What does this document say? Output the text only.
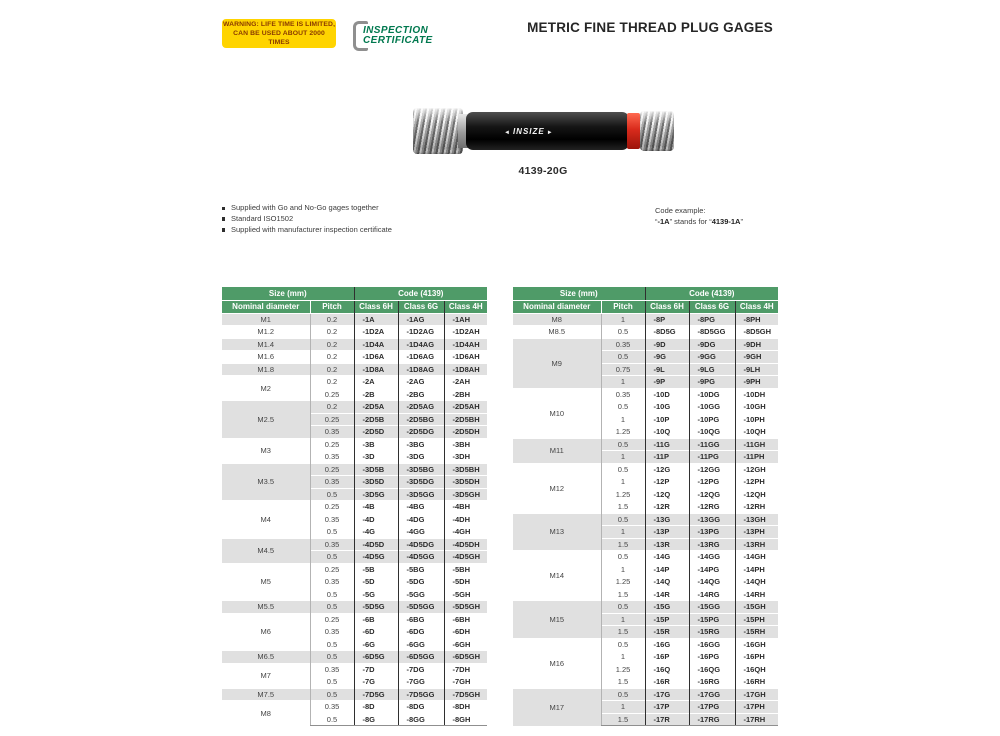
WARNING: LIFE TIME IS LIMITED,
CAN BE USED ABOUT 2000 TIMES
INSPECTION
CERTIFICATE
METRIC FINE THREAD PLUG GAGES
◄ INSIZE ►
4139-20G
Supplied with Go and No-Go gages together
Standard ISO1502
Supplied with manufacturer inspection certificate
Code example:
“-1A” stands for “4139-1A”
Size (mm)		Code (4139)		
Nominal diameter	Pitch	Class 6H	Class 6G	Class 4H
M1	0.2	-1A	-1AG	-1AH
M1.2	0.2	-1D2A	-1D2AG	-1D2AH
M1.4	0.2	-1D4A	-1D4AG	-1D4AH
M1.6	0.2	-1D6A	-1D6AG	-1D6AH
M1.8	0.2	-1D8A	-1D8AG	-1D8AH
M2	0.2	-2A	-2AG	-2AH
	0.25	-2B	-2BG	-2BH
M2.5	0.2	-2D5A	-2D5AG	-2D5AH
	0.25	-2D5B	-2D5BG	-2D5BH
	0.35	-2D5D	-2D5DG	-2D5DH
M3	0.25	-3B	-3BG	-3BH
	0.35	-3D	-3DG	-3DH
M3.5	0.25	-3D5B	-3D5BG	-3D5BH
	0.35	-3D5D	-3D5DG	-3D5DH
	0.5	-3D5G	-3D5GG	-3D5GH
M4	0.25	-4B	-4BG	-4BH
	0.35	-4D	-4DG	-4DH
	0.5	-4G	-4GG	-4GH
M4.5	0.35	-4D5D	-4D5DG	-4D5DH
	0.5	-4D5G	-4D5GG	-4D5GH
M5	0.25	-5B	-5BG	-5BH
	0.35	-5D	-5DG	-5DH
	0.5	-5G	-5GG	-5GH
M5.5	0.5	-5D5G	-5D5GG	-5D5GH
M6	0.25	-6B	-6BG	-6BH
	0.35	-6D	-6DG	-6DH
	0.5	-6G	-6GG	-6GH
M6.5	0.5	-6D5G	-6D5GG	-6D5GH
M7	0.35	-7D	-7DG	-7DH
	0.5	-7G	-7GG	-7GH
M7.5	0.5	-7D5G	-7D5GG	-7D5GH
M8	0.35	-8D	-8DG	-8DH
	0.5	-8G	-8GG	-8GH
Size (mm)		Code (4139)		
Nominal diameter	Pitch	Class 6H	Class 6G	Class 4H
M8	1	-8P	-8PG	-8PH
M8.5	0.5	-8D5G	-8D5GG	-8D5GH
M9	0.35	-9D	-9DG	-9DH
	0.5	-9G	-9GG	-9GH
	0.75	-9L	-9LG	-9LH
	1	-9P	-9PG	-9PH
M10	0.35	-10D	-10DG	-10DH
	0.5	-10G	-10GG	-10GH
	1	-10P	-10PG	-10PH
	1.25	-10Q	-10QG	-10QH
M11	0.5	-11G	-11GG	-11GH
	1	-11P	-11PG	-11PH
M12	0.5	-12G	-12GG	-12GH
	1	-12P	-12PG	-12PH
	1.25	-12Q	-12QG	-12QH
	1.5	-12R	-12RG	-12RH
M13	0.5	-13G	-13GG	-13GH
	1	-13P	-13PG	-13PH
	1.5	-13R	-13RG	-13RH
M14	0.5	-14G	-14GG	-14GH
	1	-14P	-14PG	-14PH
	1.25	-14Q	-14QG	-14QH
	1.5	-14R	-14RG	-14RH
M15	0.5	-15G	-15GG	-15GH
	1	-15P	-15PG	-15PH
	1.5	-15R	-15RG	-15RH
M16	0.5	-16G	-16GG	-16GH
	1	-16P	-16PG	-16PH
	1.25	-16Q	-16QG	-16QH
	1.5	-16R	-16RG	-16RH
M17	0.5	-17G	-17GG	-17GH
	1	-17P	-17PG	-17PH
	1.5	-17R	-17RG	-17RH
